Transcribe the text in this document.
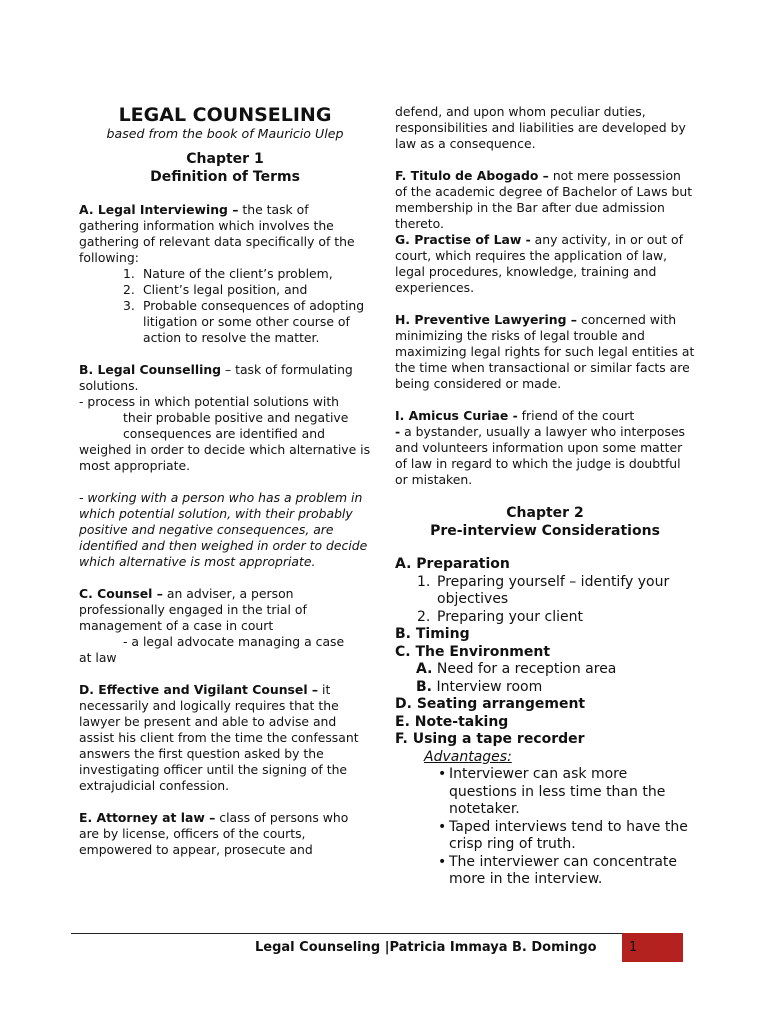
LEGAL COUNSELING

based from the book of Mauricio Ulep

Chapter 1

Definition of Terms

A. Legal Interviewing – the task of gathering information which involves the gathering of relevant data specifically of the following:

1. Nature of the client’s problem,
2. Client’s legal position, and
3. Probable consequences of adopting litigation or some other course of action to resolve the matter.

B. Legal Counselling – task of formulating solutions.

- process in which potential solutions with

their probable positive and negative consequences are identified and

weighed in order to decide which alternative is most appropriate.

- working with a person who has a problem in which potential solution, with their probably positive and negative consequences, are identified and then weighed in order to decide which alternative is most appropriate.

C. Counsel – an adviser, a person professionally engaged in the trial of management of a case in court

- a legal advocate managing a case

at law

D. Effective and Vigilant Counsel – it necessarily and logically requires that the lawyer be present and able to advise and assist his client from the time the confessant answers the first question asked by the investigating officer until the signing of the extrajudicial confession.

E. Attorney at law – class of persons who are by license, officers of the courts, empowered to appear, prosecute and

defend, and upon whom peculiar duties, responsibilities and liabilities are developed by law as a consequence.

F. Titulo de Abogado – not mere possession of the academic degree of Bachelor of Laws but membership in the Bar after due admission thereto.

G. Practise of Law - any activity, in or out of court, which requires the application of law, legal procedures, knowledge, training and experiences.

H. Preventive Lawyering – concerned with minimizing the risks of legal trouble and maximizing legal rights for such legal entities at the time when transactional or similar facts are being considered or made.

I. Amicus Curiae - friend of the court

- a bystander, usually a lawyer who interposes and volunteers information upon some matter of law in regard to which the judge is doubtful or mistaken.

Chapter 2

Pre-interview Considerations

A. Preparation

1. Preparing yourself – identify your
objectives
2. Preparing your client

B. Timing

C. The Environment

A. Need for a reception area

B. Interview room

D. Seating arrangement

E. Note-taking

F. Using a tape recorder

Advantages:

• Interviewer can ask more questions in less time than the notetaker.

• Taped interviews tend to have the crisp ring of truth.

• The interviewer can concentrate more in the interview.

Legal Counseling |Patricia Immaya B. Domingo 1
